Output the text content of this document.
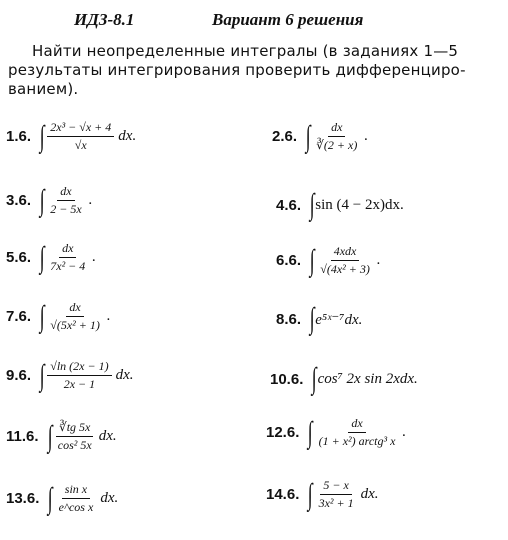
ИДЗ-8.1	Вариант 6 решения
Найти неопределенные интегралы (в заданиях 1—5
результаты интегрирования проверить дифференциро-
ванием).
1.6. ∫ $\frac{\text{2x³ − √x + 4}}{√x}$ dx.	2.6. ∫ $\frac{dx}{∛(2 + x)}$ .
3.6. ∫ $\frac{dx}{2 - 5x}$ .	4.6. ∫ sin (4 − 2x)dx.
5.6. ∫ $\frac{dx}{\text{7x² − 4}}$ .	6.6. ∫ $\frac{\text{4xdx}}{\text{√(4x² + 3)}}$ .
7.6. ∫ $\frac{dx}{\text{√(5x² + 1)}}$ .	8.6. ∫ e⁵ˣ⁻⁷dx.
9.6. ∫ $\frac{√\ln (2x - 1)}{2x - 1}$ dx.	10.6. ∫ cos⁷ 2x sin 2xdx.
11.6. ∫ $\frac{∛tg 5x}{\text{cos² 5x}}$ dx.	12.6. ∫ $\frac{dx}{\text{(1 + x²) arctg³ x}}$ .
13.6. ∫ $\frac{\text{sin x}}{\text{e\textasciicircum{}cos x}}$ dx.	14.6. ∫ $\frac{5 - x}{\text{3x² + 1}}$ dx.
